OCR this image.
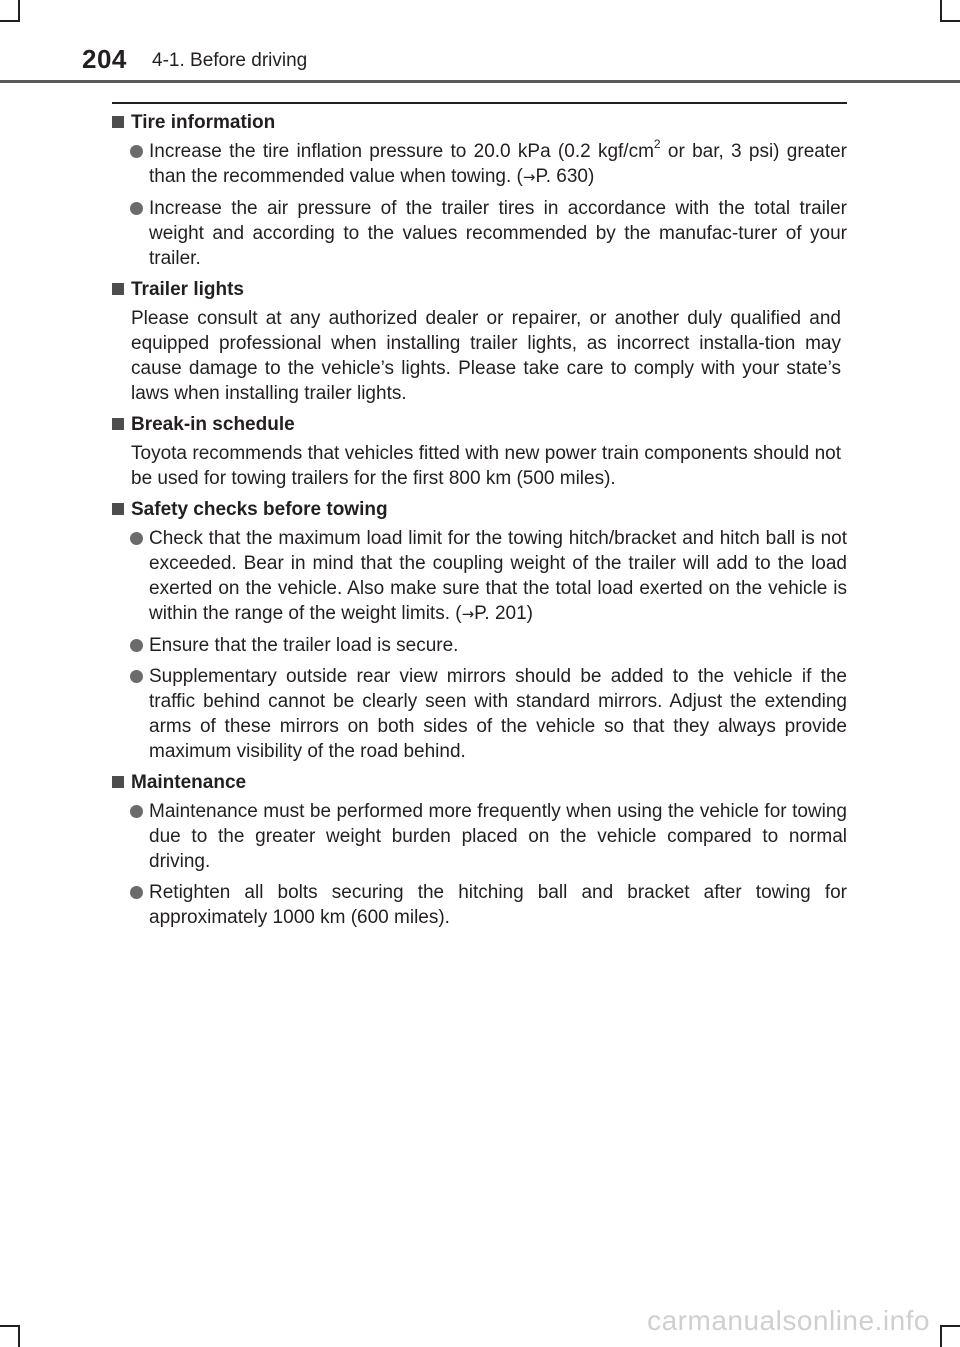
204 4-1. Before driving
Tire information
Increase the tire inflation pressure to 20.0 kPa (0.2 kgf/$cm^2$ or bar, 3 psi) greater than the recommended value when towing. (→P. 630)
Increase the air pressure of the trailer tires in accordance with the total trailer weight and according to the values recommended by the manufac-turer of your trailer.
Trailer lights
Please consult at any authorized dealer or repairer, or another duly qualified and equipped professional when installing trailer lights, as incorrect installa-tion may cause damage to the vehicle’s lights. Please take care to comply with your state’s laws when installing trailer lights.
Break-in schedule
Toyota recommends that vehicles fitted with new power train components should not be used for towing trailers for the first 800 km (500 miles).
Safety checks before towing
Check that the maximum load limit for the towing hitch/bracket and hitch ball is not exceeded. Bear in mind that the coupling weight of the trailer will add to the load exerted on the vehicle. Also make sure that the total load exerted on the vehicle is within the range of the weight limits. (→P. 201)
Ensure that the trailer load is secure.
Supplementary outside rear view mirrors should be added to the vehicle if the traffic behind cannot be clearly seen with standard mirrors. Adjust the extending arms of these mirrors on both sides of the vehicle so that they always provide maximum visibility of the road behind.
Maintenance
Maintenance must be performed more frequently when using the vehicle for towing due to the greater weight burden placed on the vehicle compared to normal driving.
Retighten all bolts securing the hitching ball and bracket after towing for approximately 1000 km (600 miles).
carmanualsonline.info
